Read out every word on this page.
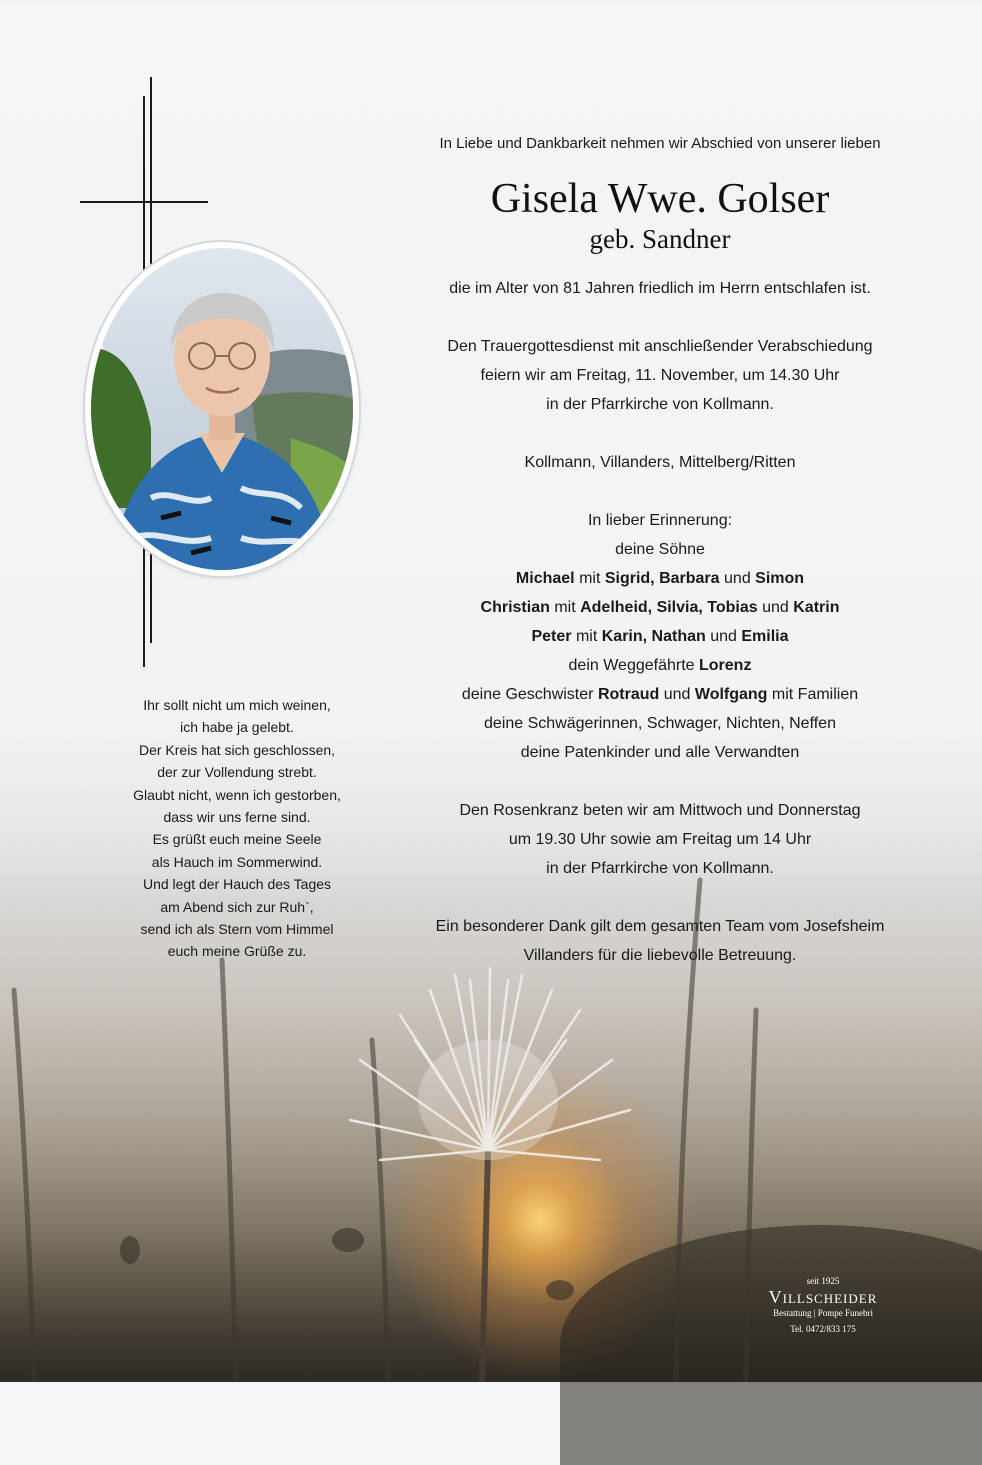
Ihr sollt nicht um mich weinen,
ich habe ja gelebt.
Der Kreis hat sich geschlossen,
der zur Vollendung strebt.
Glaubt nicht, wenn ich gestorben,
dass wir uns ferne sind.
Es grüßt euch meine Seele
als Hauch im Sommerwind.
Und legt der Hauch des Tages
am Abend sich zur Ruh`,
send ich als Stern vom Himmel
euch meine Grüße zu.
In Liebe und Dankbarkeit nehmen wir Abschied von unserer lieben
Gisela Wwe. Golser
geb. Sandner
die im Alter von 81 Jahren friedlich im Herrn entschlafen ist.
Den Trauergottesdienst mit anschließender Verabschiedung
feiern wir am Freitag, 11. November, um 14.30 Uhr
in der Pfarrkirche von Kollmann.
Kollmann, Villanders, Mittelberg/Ritten
In lieber Erinnerung:
deine Söhne
Michael mit Sigrid, Barbara und Simon
Christian mit Adelheid, Silvia, Tobias und Katrin
Peter mit Karin, Nathan und Emilia
dein Weggefährte Lorenz
deine Geschwister Rotraud und Wolfgang mit Familien
deine Schwägerinnen, Schwager, Nichten, Neffen
deine Patenkinder und alle Verwandten
Den Rosenkranz beten wir am Mittwoch und Donnerstag
um 19.30 Uhr sowie am Freitag um 14 Uhr
in der Pfarrkirche von Kollmann.
Ein besonderer Dank gilt dem gesamten Team vom Josefsheim
Villanders für die liebevolle Betreuung.
seit 1925
Villscheider
Bestattung | Pompe Funebri
Tel. 0472/833 175
